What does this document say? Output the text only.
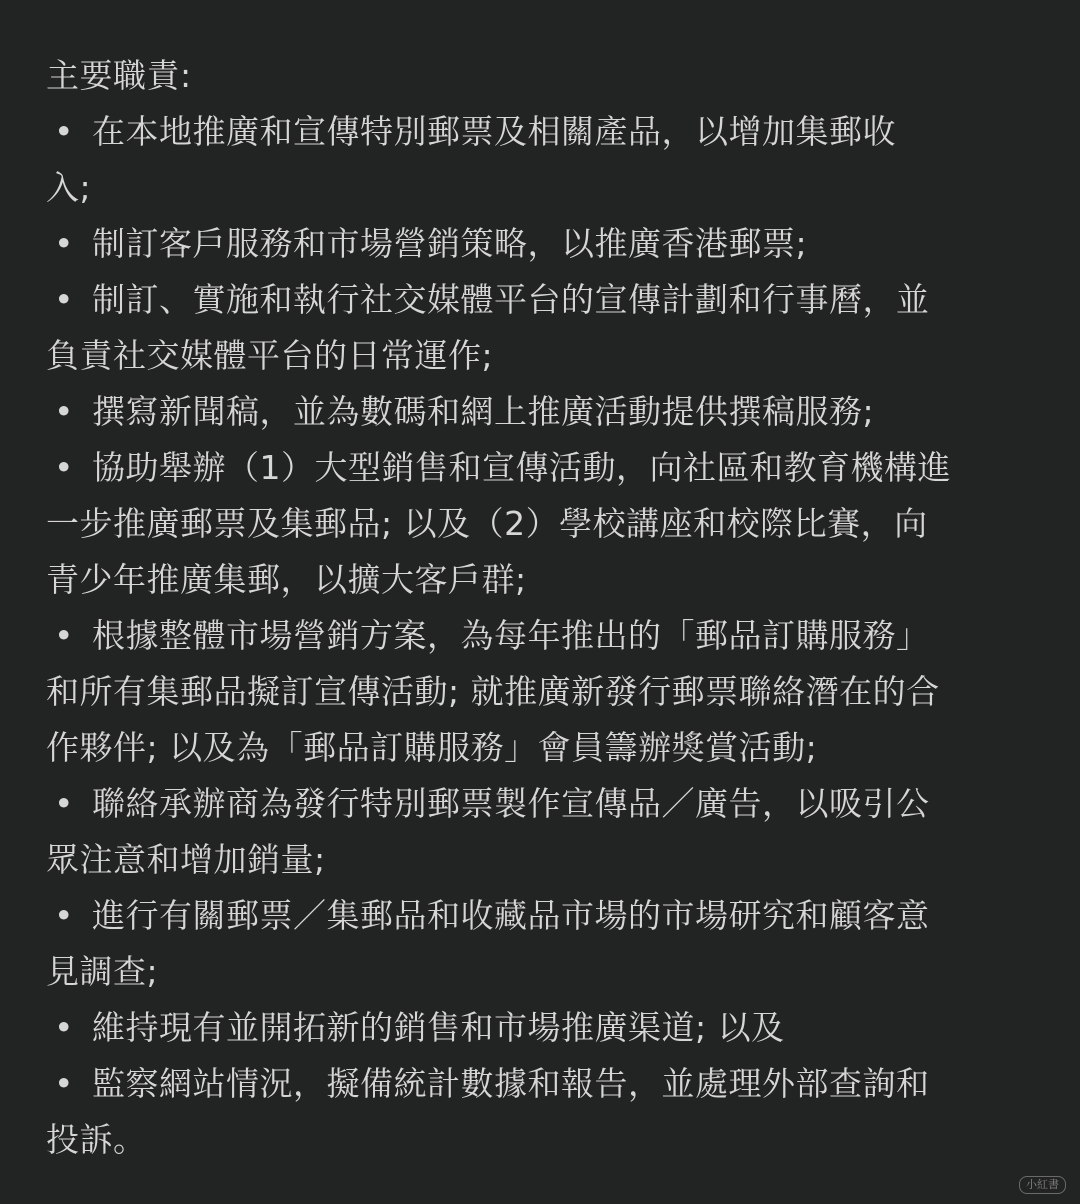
主要職責:
• 在本地推廣和宣傳特別郵票及相關產品，以增加集郵收
入;
• 制訂客戶服務和市場營銷策略，以推廣香港郵票;
• 制訂、實施和執行社交媒體平台的宣傳計劃和行事曆，並
負責社交媒體平台的日常運作;
• 撰寫新聞稿，並為數碼和網上推廣活動提供撰稿服務;
• 協助舉辦（1）大型銷售和宣傳活動，向社區和教育機構進
一步推廣郵票及集郵品; 以及（2）學校講座和校際比賽，向
青少年推廣集郵，以擴大客戶群;
• 根據整體市場營銷方案，為每年推出的「郵品訂購服務」
和所有集郵品擬訂宣傳活動; 就推廣新發行郵票聯絡潛在的合
作夥伴; 以及為「郵品訂購服務」會員籌辦獎賞活動;
• 聯絡承辦商為發行特別郵票製作宣傳品／廣告，以吸引公
眾注意和增加銷量;
• 進行有關郵票／集郵品和收藏品市場的市場研究和顧客意
見調查;
• 維持現有並開拓新的銷售和市場推廣渠道; 以及
• 監察網站情況，擬備統計數據和報告，並處理外部查詢和
投訴。
小紅書
